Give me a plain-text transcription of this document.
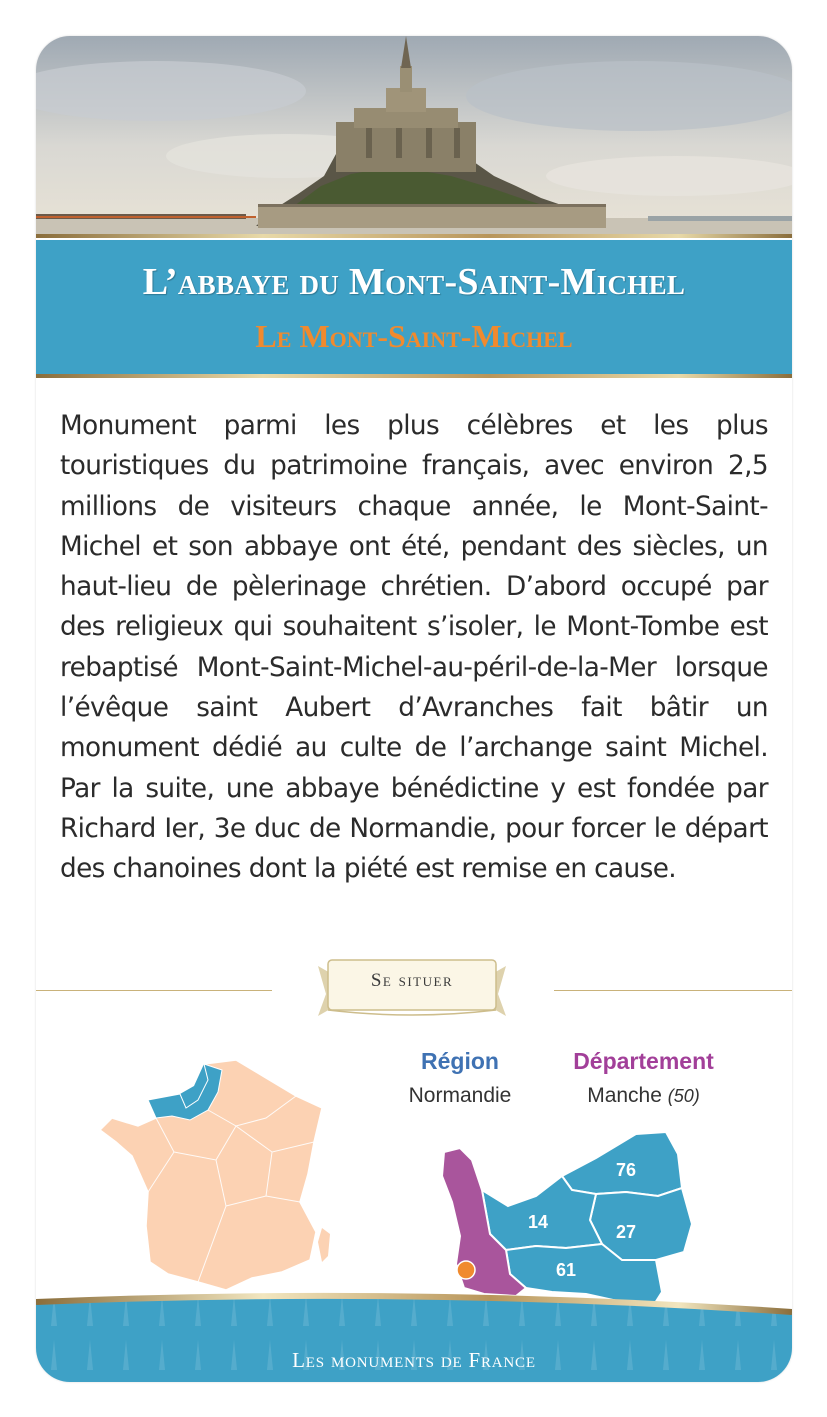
L’abbaye du Mont-Saint-Michel
Le Mont-Saint-Michel

Monument parmi les plus célèbres et les plus touristiques du patrimoine français, avec environ 2,5 millions de visiteurs chaque année, le Mont-Saint-Michel et son abbaye ont été, pendant des siècles, un haut-lieu de pèlerinage chrétien. D’abord occupé par des religieux qui souhaitent s’isoler, le Mont-Tombe est rebaptisé Mont-Saint-Michel-au-péril-de-la-Mer lorsque l’évêque saint Aubert d’Avranches fait bâtir un monument dédié au culte de l’archange saint Michel. Par la suite, une abbaye bénédictine y est fondée par Richard Ier, 3e duc de Normandie, pour forcer le départ des chanoines dont la piété est remise en cause.

Se situer
Région
Normandie
Département
Manche (50)
76
14	27
61
Les monuments de France
